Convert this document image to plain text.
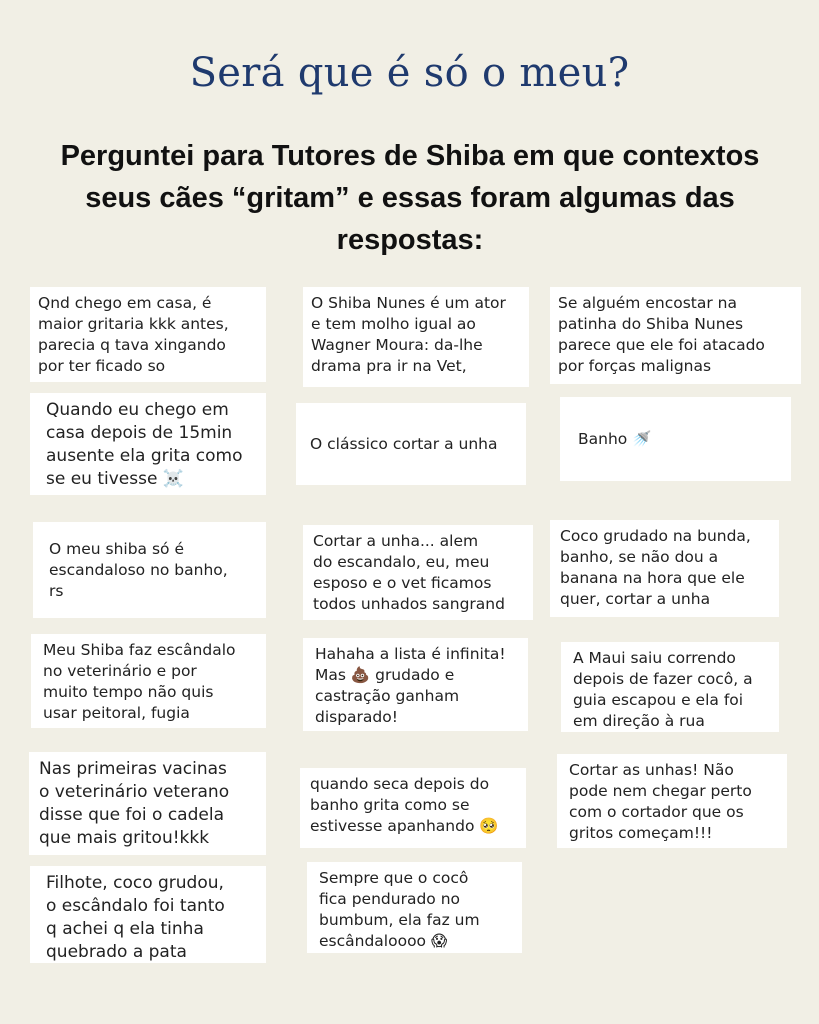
Será que é só o meu?

Perguntei para Tutores de Shiba em que contextos seus cães “gritam” e essas foram algumas das respostas:

Qnd chego em casa, é
maior gritaria kkk antes,
parecia q tava xingando
por ter ficado so
O Shiba Nunes é um ator
e tem molho igual ao
Wagner Moura: da-lhe
drama pra ir na Vet,
Se alguém encostar na
patinha do Shiba Nunes
parece que ele foi atacado
por forças malignas
Quando eu chego em
casa depois de 15min
ausente ela grita como
se eu tivesse ☠️
O clássico cortar a unha	Banho 🚿
O meu shiba só é
escandaloso no banho,
rs
Cortar a unha... alem
do escandalo, eu, meu
esposo e o vet ficamos
todos unhados sangrand
Coco grudado na bunda,
banho, se não dou a
banana na hora que ele
quer, cortar a unha
Meu Shiba faz escândalo
no veterinário e por
muito tempo não quis
usar peitoral, fugia
Hahaha a lista é infinita!
Mas 💩 grudado e
castração ganham
disparado!
A Maui saiu correndo
depois de fazer cocô, a
guia escapou e ela foi
em direção à rua
Nas primeiras vacinas
o veterinário veterano
disse que foi o cadela
que mais gritou!kkk
quando seca depois do
banho grita como se
estivesse apanhando 🥺
Cortar as unhas! Não
pode nem chegar perto
com o cortador que os
gritos começam!!!
Filhote, coco grudou,
o escândalo foi tanto
q achei q ela tinha
quebrado a pata
Sempre que o cocô
fica pendurado no
bumbum, ela faz um
escândaloooo 😱
